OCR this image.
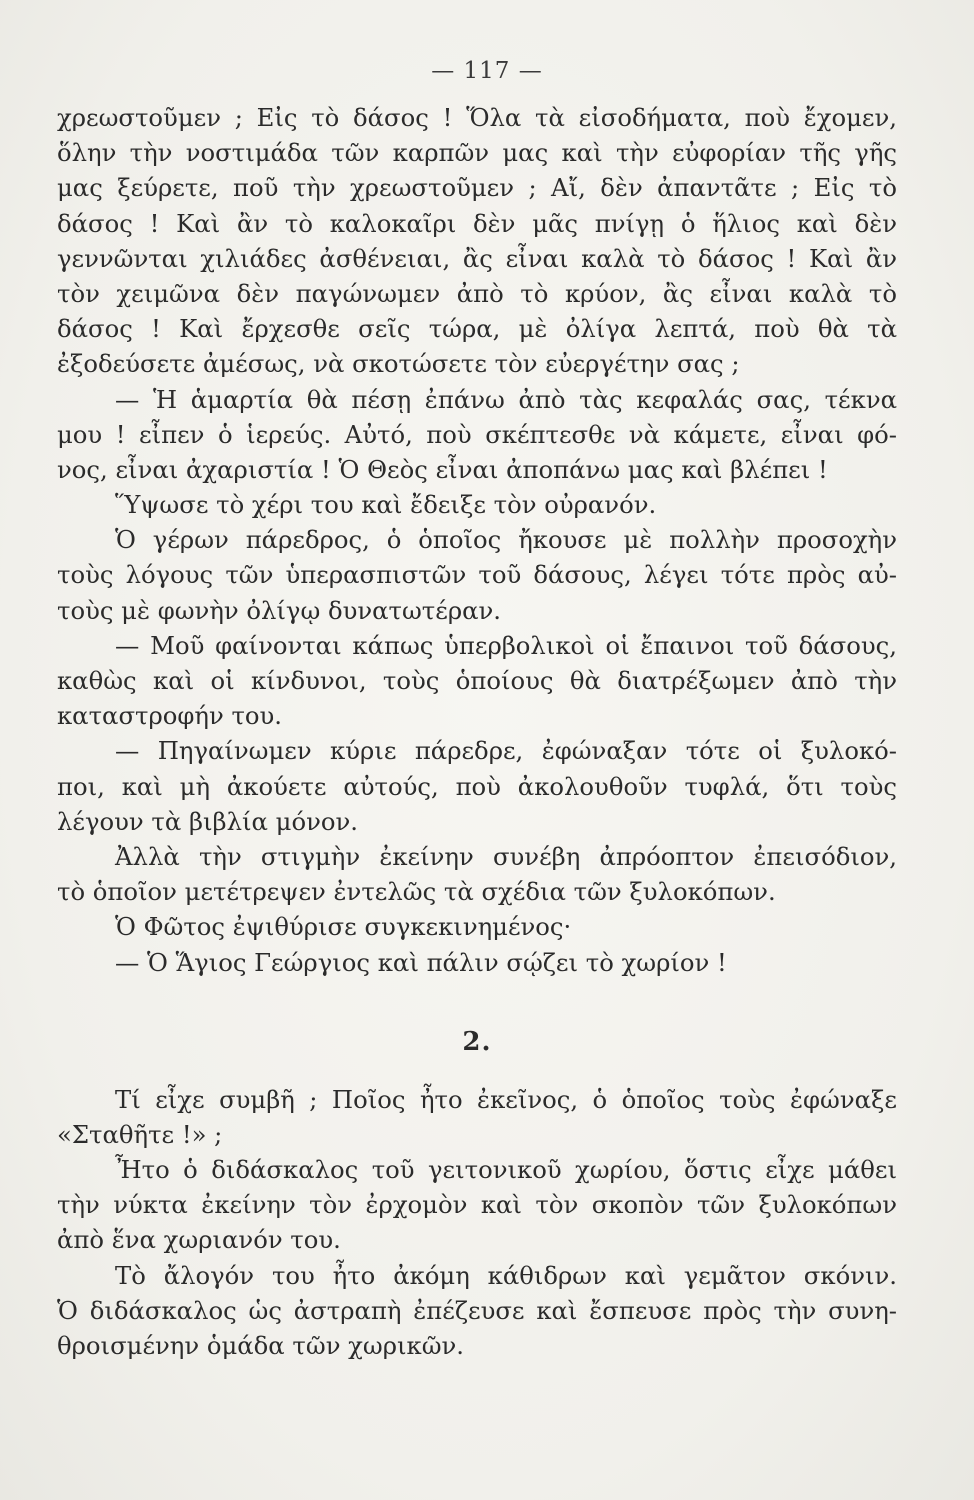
— 117 —
χρεωστοῦμεν ; Εἰς τὸ δάσος ! Ὅλα τὰ εἰσοδήματα, ποὺ ἔχομεν,
ὅλην τὴν νοστιμάδα τῶν καρπῶν μας καὶ τὴν εὐφορίαν τῆς γῆς
μας ξεύρετε, ποῦ τὴν χρεωστοῦμεν ; Αἴ, δὲν ἀπαντᾶτε ; Εἰς τὸ
δάσος ! Καὶ ἂν τὸ καλοκαῖρι δὲν μᾶς πνίγῃ ὁ ἥλιος καὶ δὲν
γεννῶνται χιλιάδες ἀσθένειαι, ἂς εἶναι καλὰ τὸ δάσος ! Καὶ ἂν
τὸν χειμῶνα δὲν παγώνωμεν ἀπὸ τὸ κρύον, ἂς εἶναι καλὰ τὸ
δάσος ! Καὶ ἔρχεσθε σεῖς τώρα, μὲ ὀλίγα λεπτά, ποὺ θὰ τὰ
ἐξοδεύσετε ἀμέσως, νὰ σκοτώσετε τὸν εὐεργέτην σας ;
— Ἡ ἁμαρτία θὰ πέσῃ ἐπάνω ἀπὸ τὰς κεφαλάς σας, τέκνα
μου ! εἶπεν ὁ ἱερεύς. Αὐτό, ποὺ σκέπτεσθε νὰ κάμετε, εἶναι φό-
νος, εἶναι ἀχαριστία ! Ὁ Θεὸς εἶναι ἀποπάνω μας καὶ βλέπει !
Ὕψωσε τὸ χέρι του καὶ ἔδειξε τὸν οὐρανόν.
Ὁ γέρων πάρεδρος, ὁ ὁποῖος ἤκουσε μὲ πολλὴν προσοχὴν
τοὺς λόγους τῶν ὑπερασπιστῶν τοῦ δάσους, λέγει τότε πρὸς αὐ-
τοὺς μὲ φωνὴν ὀλίγῳ δυνατωτέραν.
— Μοῦ φαίνονται κάπως ὑπερβολικοὶ οἱ ἔπαινοι τοῦ δάσους,
καθὼς καὶ οἱ κίνδυνοι, τοὺς ὁποίους θὰ διατρέξωμεν ἀπὸ τὴν
καταστροφήν του.
— Πηγαίνωμεν κύριε πάρεδρε, ἐφώναξαν τότε οἱ ξυλοκό-
ποι, καὶ μὴ ἀκούετε αὐτούς, ποὺ ἀκολουθοῦν τυφλά, ὅτι τοὺς
λέγουν τὰ βιβλία μόνον.
Ἀλλὰ τὴν στιγμὴν ἐκείνην συνέβη ἀπρόοπτον ἐπεισόδιον,
τὸ ὁποῖον μετέτρεψεν ἐντελῶς τὰ σχέδια τῶν ξυλοκόπων.
Ὁ Φῶτος ἐψιθύρισε συγκεκινημένος·
— Ὁ Ἅγιος Γεώργιος καὶ πάλιν σῴζει τὸ χωρίον !
2.
Τί εἶχε συμβῆ ; Ποῖος ἦτο ἐκεῖνος, ὁ ὁποῖος τοὺς ἐφώναξε
«Σταθῆτε !» ;
Ἦτο ὁ διδάσκαλος τοῦ γειτονικοῦ χωρίου, ὅστις εἶχε μάθει
τὴν νύκτα ἐκείνην τὸν ἐρχομὸν καὶ τὸν σκοπὸν τῶν ξυλοκόπων
ἀπὸ ἕνα χωριανόν του.
Τὸ ἄλογόν του ἦτο ἀκόμη κάθιδρων καὶ γεμᾶτον σκόνιν.
Ὁ διδάσκαλος ὡς ἀστραπὴ ἐπέζευσε καὶ ἔσπευσε πρὸς τὴν συνη-
θροισμένην ὁμάδα τῶν χωρικῶν.
